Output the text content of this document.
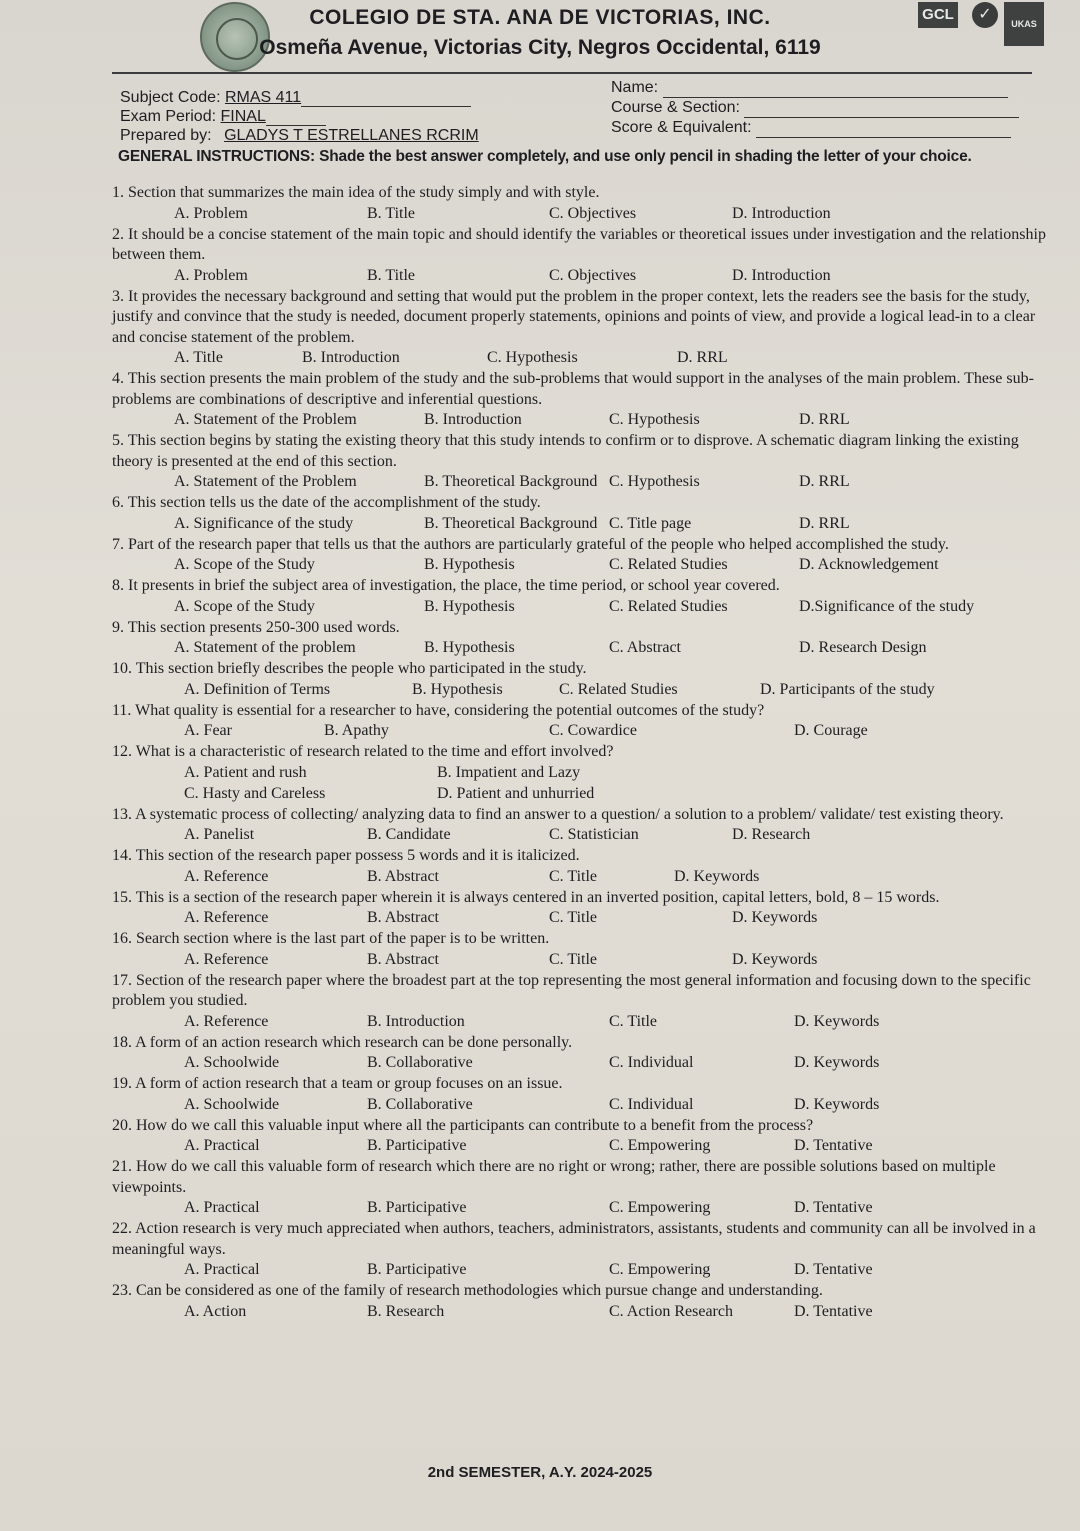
COLEGIO DE STA. ANA DE VICTORIAS, INC.
Osmeña Avenue, Victorias City, Negros Occidental, 6119
GCL	✓
UKAS
Subject Code: RMAS 411
Exam Period: FINAL
Prepared by: GLADYS T ESTRELLANES RCRIM
Name:
Course & Section:
Score & Equivalent:
GENERAL INSTRUCTIONS: Shade the best answer completely, and use only pencil in shading the letter of your choice.
1. Section that summarizes the main idea of the study simply and with style.
A. Problem	B. Title	C. Objectives	D. Introduction
2. It should be a concise statement of the main topic and should identify the variables or theoretical issues under investigation and the relationship between them.
A. Problem	B. Title	C. Objectives	D. Introduction
3. It provides the necessary background and setting that would put the problem in the proper context, lets the readers see the basis for the study, justify and convince that the study is needed, document properly statements, opinions and points of view, and provide a logical lead-in to a clear and concise statement of the problem.
A. Title	B. Introduction	C. Hypothesis	D. RRL
4. This section presents the main problem of the study and the sub-problems that would support in the analyses of the main problem. These sub-problems are combinations of descriptive and inferential questions.
A. Statement of the Problem	B. Introduction	C. Hypothesis	D. RRL
5. This section begins by stating the existing theory that this study intends to confirm or to disprove. A schematic diagram linking the existing theory is presented at the end of this section.
A. Statement of the Problem	B. Theoretical Background C. Hypothesis	D. RRL
6. This section tells us the date of the accomplishment of the study.
A. Significance of the study	B. Theoretical Background C. Title page	D. RRL
7. Part of the research paper that tells us that the authors are particularly grateful of the people who helped accomplished the study.
A. Scope of the Study	B. Hypothesis	C. Related Studies	D. Acknowledgement
8. It presents in brief the subject area of investigation, the place, the time period, or school year covered.
A. Scope of the Study	B. Hypothesis	C. Related Studies	D.Significance of the study
9. This section presents 250-300 used words.
A. Statement of the problem	B. Hypothesis	C. Abstract	D. Research Design
10. This section briefly describes the people who participated in the study.
A. Definition of Terms	B. Hypothesis	C. Related Studies	D. Participants of the study
11. What quality is essential for a researcher to have, considering the potential outcomes of the study?
A. Fear	B. Apathy	C. Cowardice	D. Courage
12. What is a characteristic of research related to the time and effort involved?
A. Patient and rush	B. Impatient and Lazy
C. Hasty and Careless	D. Patient and unhurried
13. A systematic process of collecting/ analyzing data to find an answer to a question/ a solution to a problem/ validate/ test existing theory.
A. Panelist	B. Candidate	C. Statistician	D. Research
14. This section of the research paper possess 5 words and it is italicized.
A. Reference	B. Abstract	C. Title	D. Keywords
15. This is a section of the research paper wherein it is always centered in an inverted position, capital letters, bold, 8 – 15 words.
A. Reference	B. Abstract	C. Title	D. Keywords
16. Search section where is the last part of the paper is to be written.
A. Reference	B. Abstract	C. Title	D. Keywords
17. Section of the research paper where the broadest part at the top representing the most general information and focusing down to the specific problem you studied.
A. Reference	B. Introduction	C. Title	D. Keywords
18. A form of an action research which research can be done personally.
A. Schoolwide	B. Collaborative	C. Individual	D. Keywords
19. A form of action research that a team or group focuses on an issue.
A. Schoolwide	B. Collaborative	C. Individual	D. Keywords
20. How do we call this valuable input where all the participants can contribute to a benefit from the process?
A. Practical	B. Participative	C. Empowering	D. Tentative
21. How do we call this valuable form of research which there are no right or wrong; rather, there are possible solutions based on multiple viewpoints.
A. Practical	B. Participative	C. Empowering	D. Tentative
22. Action research is very much appreciated when authors, teachers, administrators, assistants, students and community can all be involved in a meaningful ways.
A. Practical	B. Participative	C. Empowering	D. Tentative
23. Can be considered as one of the family of research methodologies which pursue change and understanding.
A. Action	B. Research	C. Action Research	D. Tentative
2nd SEMESTER, A.Y. 2024-2025
